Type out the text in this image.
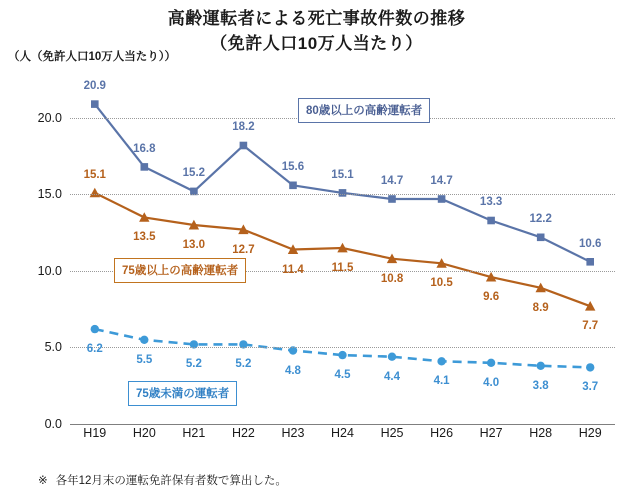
高齢運転者による死亡事故件数の推移
（免許人口10万人当たり）
（人（免許人口10万人当たり））
0.0
5.0
10.0
15.0
20.0
H19 H20 H21 H22 H23 H24 H25 H26 H27 H28 H29
20.9
16.8
15.2
18.2
15.6
15.1
14.7 14.7
13.3
12.2
10.6
15.1
13.5
13.0 12.7
11.4 11.5
10.8 10.5
9.6
8.9
7.7
6.2
5.5	5.2	5.2
4.8	4.5	4.4	4.1	4.0	3.8	3.7
80歳以上の高齢運転者
75歳以上の高齢運転者
75歳未満の運転者
※ 各年12月末の運転免許保有者数で算出した。
